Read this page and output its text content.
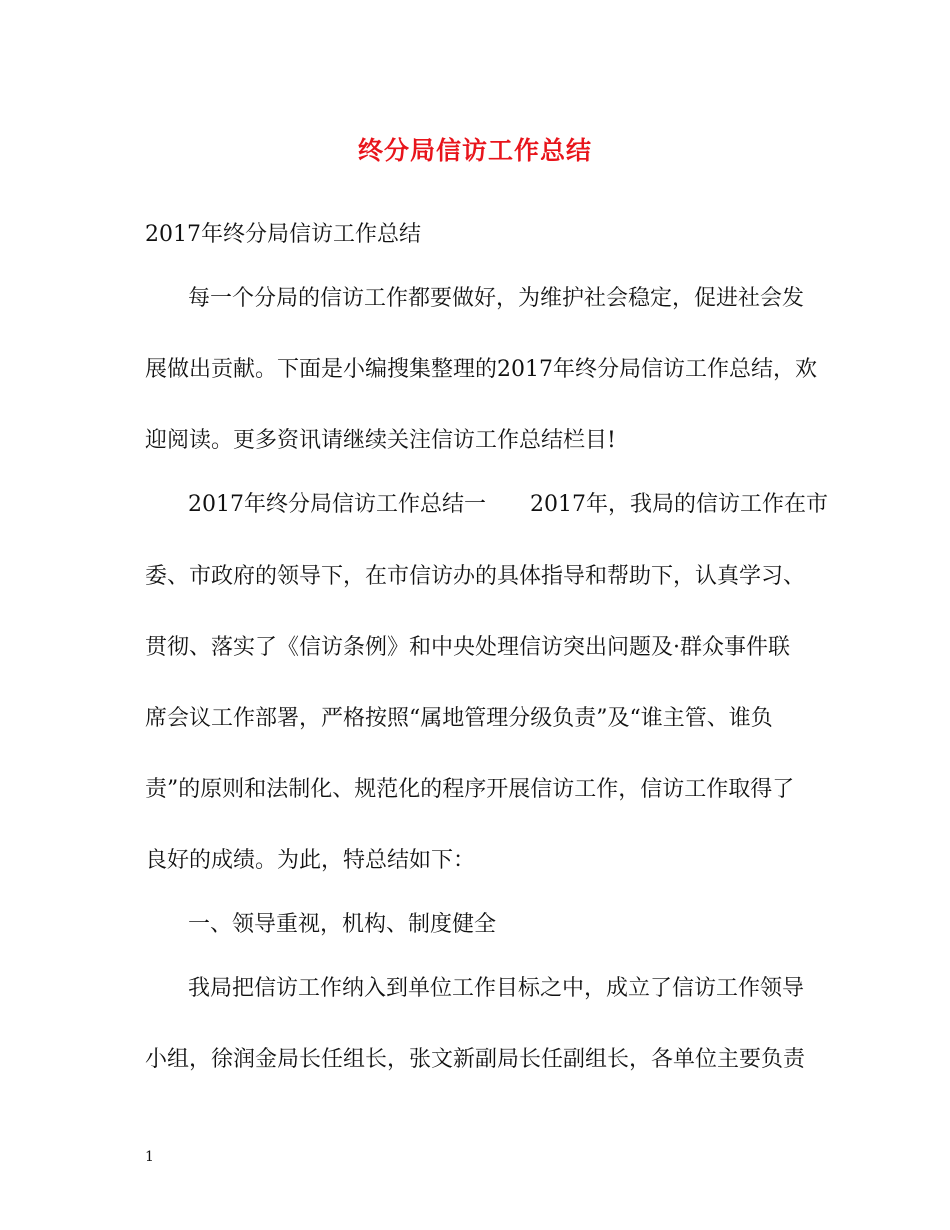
终分局信访工作总结
2017年终分局信访工作总结
每一个分局的信访工作都要做好，为维护社会稳定，促进社会发
展做出贡献。下面是小编搜集整理的2017年终分局信访工作总结，欢
迎阅读。更多资讯请继续关注信访工作总结栏目!
2017年终分局信访工作总结一　　2017年，我局的信访工作在市
委、市政府的领导下，在市信访办的具体指导和帮助下，认真学习、
贯彻、落实了《信访条例》和中央处理信访突出问题及·群众事件联
席会议工作部署，严格按照“属地管理分级负责”及“谁主管、谁负
责”的原则和法制化、规范化的程序开展信访工作，信访工作取得了
良好的成绩。为此，特总结如下：
一、领导重视，机构、制度健全
我局把信访工作纳入到单位工作目标之中，成立了信访工作领导
小组，徐润金局长任组长，张文新副局长任副组长，各单位主要负责
1
